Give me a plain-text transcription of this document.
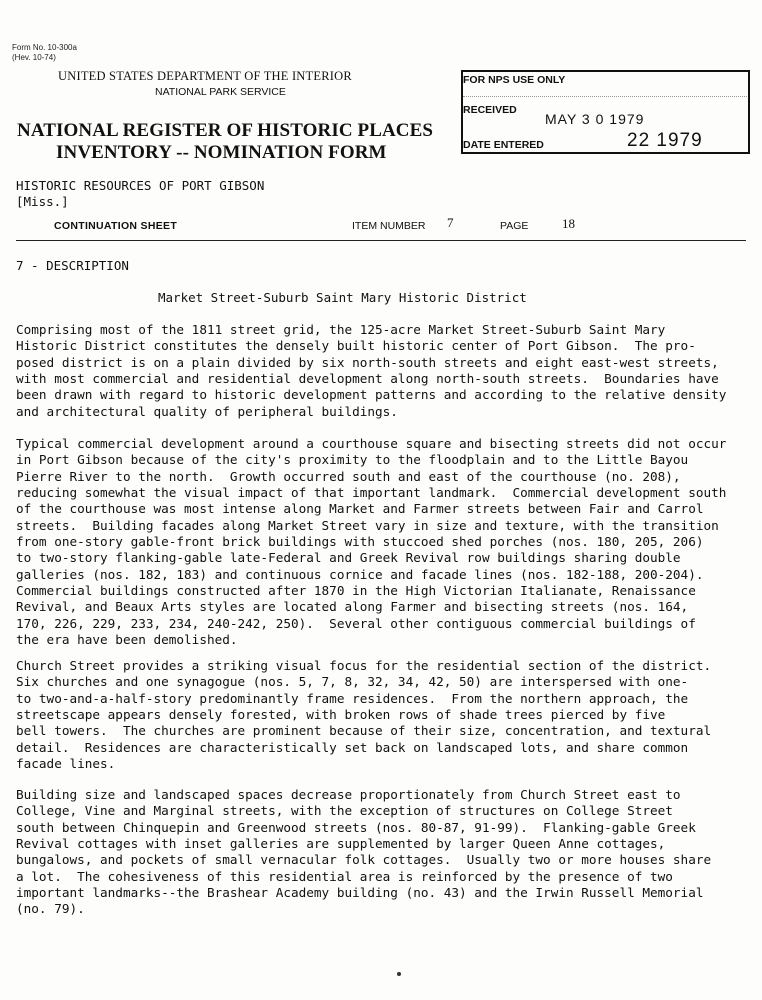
Form No. 10-300a
(Hev. 10-74)
UNITED STATES DEPARTMENT OF THE INTERIOR
NATIONAL PARK SERVICE
NATIONAL REGISTER OF HISTORIC PLACES
INVENTORY -- NOMINATION FORM
FOR NPS USE ONLY
RECEIVED
MAY 3 0 1979
DATE ENTERED	22 1979
HISTORIC RESOURCES OF PORT GIBSON
[Miss.]
CONTINUATION SHEET	ITEM NUMBER 7	PAGE	18
7 - DESCRIPTION
Market Street-Suburb Saint Mary Historic District
Comprising most of the 1811 street grid, the 125-acre Market Street-Suburb Saint Mary
Historic District constitutes the densely built historic center of Port Gibson.  The pro-
posed district is on a plain divided by six north-south streets and eight east-west streets,
with most commercial and residential development along north-south streets.  Boundaries have
been drawn with regard to historic development patterns and according to the relative density
and architectural quality of peripheral buildings.
Typical commercial development around a courthouse square and bisecting streets did not occur
in Port Gibson because of the city's proximity to the floodplain and to the Little Bayou
Pierre River to the north.  Growth occurred south and east of the courthouse (no. 208),
reducing somewhat the visual impact of that important landmark.  Commercial development south
of the courthouse was most intense along Market and Farmer streets between Fair and Carrol
streets.  Building facades along Market Street vary in size and texture, with the transition
from one-story gable-front brick buildings with stuccoed shed porches (nos. 180, 205, 206)
to two-story flanking-gable late-Federal and Greek Revival row buildings sharing double
galleries (nos. 182, 183) and continuous cornice and facade lines (nos. 182-188, 200-204).
Commercial buildings constructed after 1870 in the High Victorian Italianate, Renaissance
Revival, and Beaux Arts styles are located along Farmer and bisecting streets (nos. 164,
170, 226, 229, 233, 234, 240-242, 250).  Several other contiguous commercial buildings of
the era have been demolished.
Church Street provides a striking visual focus for the residential section of the district.
Six churches and one synagogue (nos. 5, 7, 8, 32, 34, 42, 50) are interspersed with one-
to two-and-a-half-story predominantly frame residences.  From the northern approach, the
streetscape appears densely forested, with broken rows of shade trees pierced by five
bell towers.  The churches are prominent because of their size, concentration, and textural
detail.  Residences are characteristically set back on landscaped lots, and share common
facade lines.
Building size and landscaped spaces decrease proportionately from Church Street east to
College, Vine and Marginal streets, with the exception of structures on College Street
south between Chinquepin and Greenwood streets (nos. 80-87, 91-99).  Flanking-gable Greek
Revival cottages with inset galleries are supplemented by larger Queen Anne cottages,
bungalows, and pockets of small vernacular folk cottages.  Usually two or more houses share
a lot.  The cohesiveness of this residential area is reinforced by the presence of two
important landmarks--the Brashear Academy building (no. 43) and the Irwin Russell Memorial
(no. 79).
